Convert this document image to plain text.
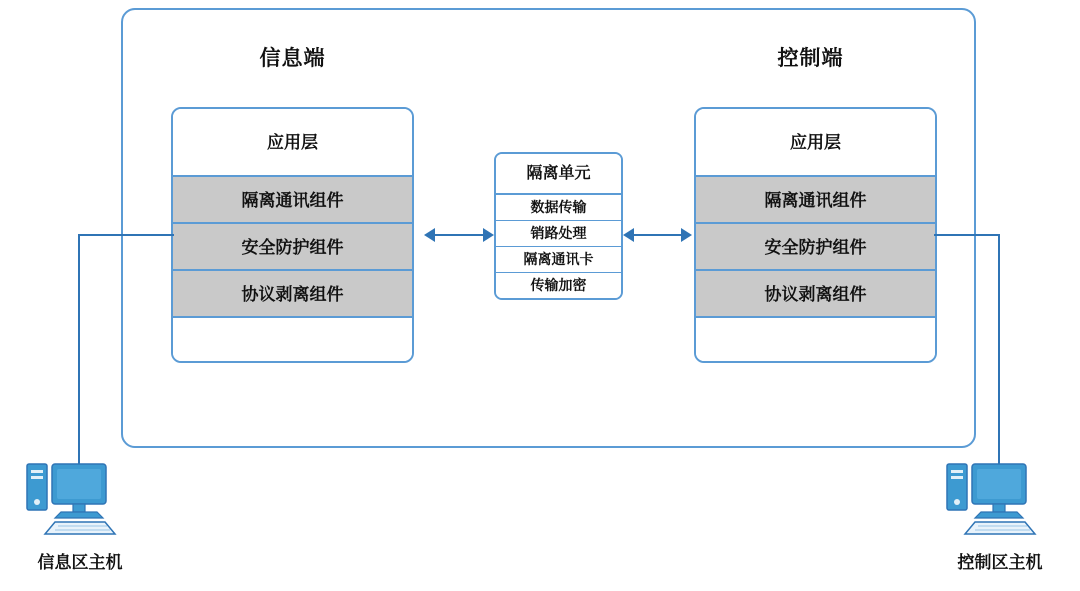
信息端	控制端
应用层
隔离通讯组件
安全防护组件
协议剥离组件
应用层
隔离通讯组件
安全防护组件
协议剥离组件
隔离单元
数据传输
销路处理
隔离通讯卡
传输加密
信息区主机	控制区主机
